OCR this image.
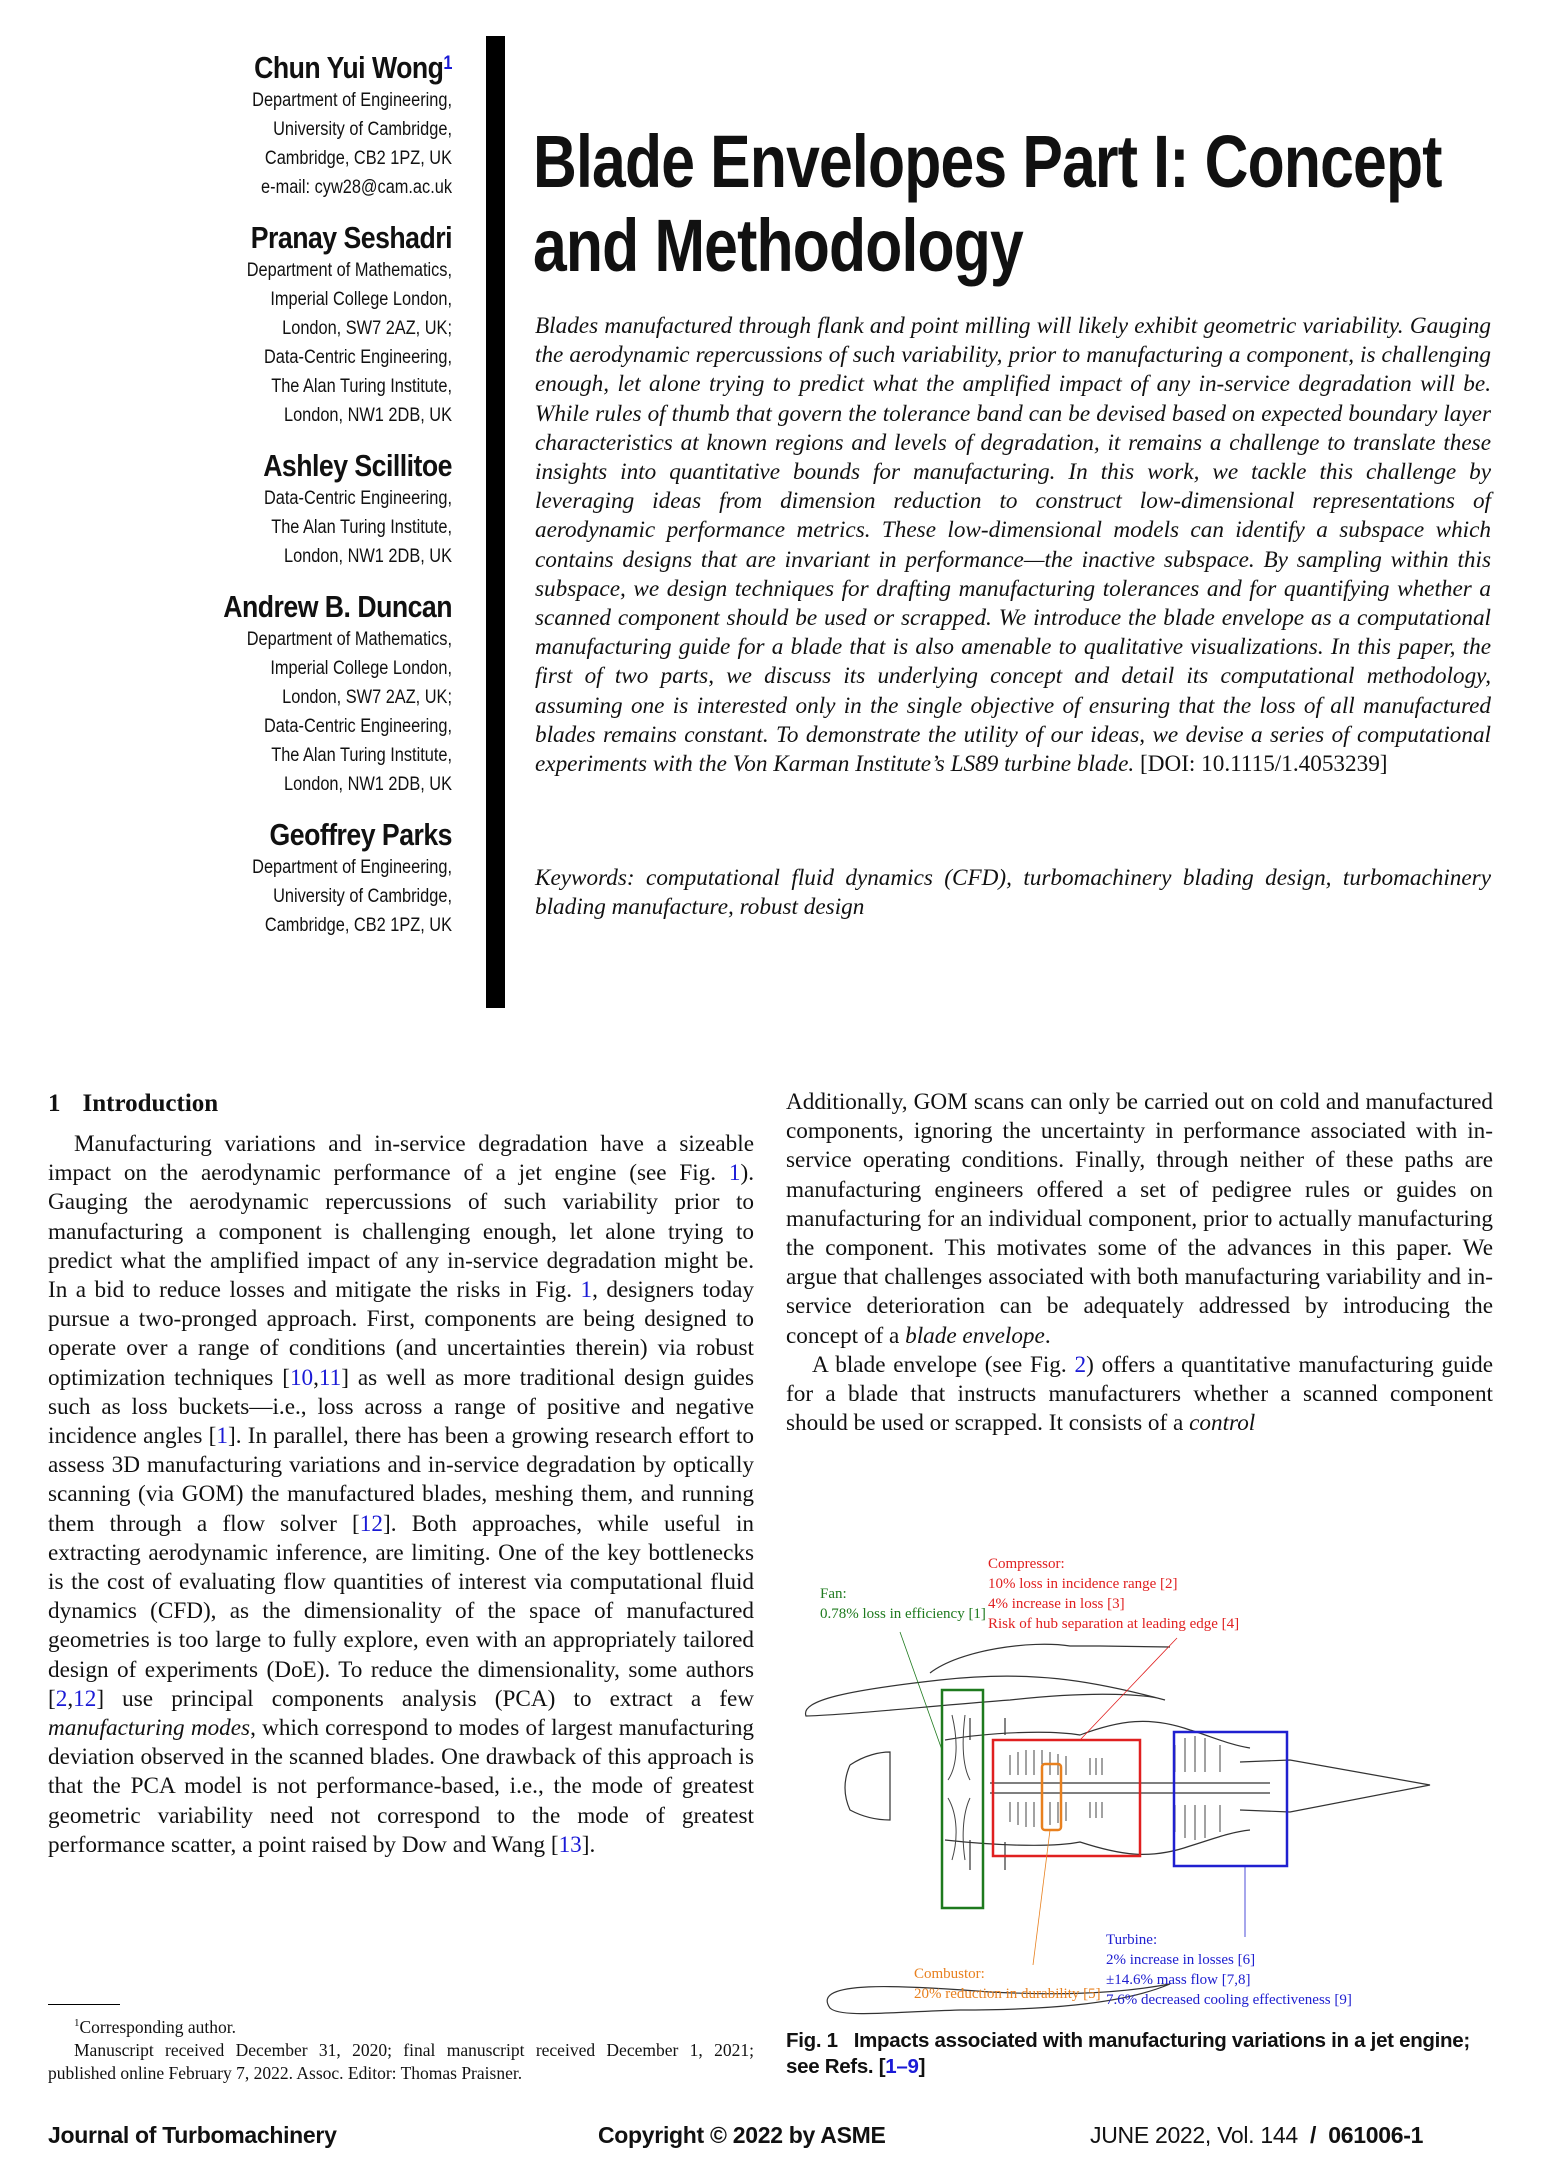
Chun Yui Wong$^1$
Department of Engineering,
University of Cambridge,
Cambridge, CB2 1PZ, UK
e-mail: cyw28@cam.ac.uk
Pranay Seshadri
Department of Mathematics,
Imperial College London,
London, SW7 2AZ, UK;
Data-Centric Engineering,
The Alan Turing Institute,
London, NW1 2DB, UK
Ashley Scillitoe
Data-Centric Engineering,
The Alan Turing Institute,
London, NW1 2DB, UK
Andrew B. Duncan
Department of Mathematics,
Imperial College London,
London, SW7 2AZ, UK;
Data-Centric Engineering,
The Alan Turing Institute,
London, NW1 2DB, UK
Geoffrey Parks
Department of Engineering,
University of Cambridge,
Cambridge, CB2 1PZ, UK
Blade Envelopes Part I: Concept
and Methodology
Blades manufactured through flank and point milling will likely exhibit geometric variability. Gauging the aerodynamic repercussions of such variability, prior to manufacturing a component, is challenging enough, let alone trying to predict what the amplified impact of any in-service degradation will be. While rules of thumb that govern the tolerance band can be devised based on expected boundary layer characteristics at known regions and levels of degradation, it remains a challenge to translate these insights into quantitative bounds for manufacturing. In this work, we tackle this challenge by leveraging ideas from dimension reduction to construct low-dimensional representations of aerodynamic performance metrics. These low-dimensional models can identify a subspace which contains designs that are invariant in performance—the inactive subspace. By sampling within this subspace, we design techniques for drafting manufacturing tolerances and for quantifying whether a scanned component should be used or scrapped. We introduce the blade envelope as a computational manufacturing guide for a blade that is also amenable to qualitative visualizations. In this paper, the first of two parts, we discuss its underlying concept and detail its computational methodology, assuming one is interested only in the single objective of ensuring that the loss of all manufactured blades remains constant. To demonstrate the utility of our ideas, we devise a series of computational experiments with the Von Karman Institute’s LS89 turbine blade. [DOI: 10.1115/1.4053239]
Keywords: computational fluid dynamics (CFD), turbomachinery blading design, turbomachinery blading manufacture, robust design
1 Introduction

Manufacturing variations and in-service degradation have a sizeable impact on the aerodynamic performance of a jet engine (see Fig. 1). Gauging the aerodynamic repercussions of such variability prior to manufacturing a component is challenging enough, let alone trying to predict what the amplified impact of any in-service degradation might be. In a bid to reduce losses and mitigate the risks in Fig. 1, designers today pursue a two-pronged approach. First, components are being designed to operate over a range of conditions (and uncertainties therein) via robust optimization techniques [10,11] as well as more traditional design guides such as loss buckets—i.e., loss across a range of positive and negative incidence angles [1]. In parallel, there has been a growing research effort to assess 3D manufacturing variations and in-service degradation by optically scanning (via GOM) the manufactured blades, meshing them, and running them through a flow solver [12]. Both approaches, while useful in extracting aerodynamic inference, are limiting. One of the key bottlenecks is the cost of evaluating flow quantities of interest via computational fluid dynamics (CFD), as the dimensionality of the space of manufactured geometries is too large to fully explore, even with an appropriately tailored design of experiments (DoE). To reduce the dimensionality, some authors [2,12] use principal components analysis (PCA) to extract a few manufacturing modes, which correspond to modes of largest manufacturing deviation observed in the scanned blades. One drawback of this approach is that the PCA model is not performance-based, i.e., the mode of greatest geometric variability need not correspond to the mode of greatest performance scatter, a point raised by Dow and Wang [13].

Additionally, GOM scans can only be carried out on cold and manufactured components, ignoring the uncertainty in performance associated with in-service operating conditions. Finally, through neither of these paths are manufacturing engineers offered a set of pedigree rules or guides on manufacturing for an individual component, prior to actually manufacturing the component. This motivates some of the advances in this paper. We argue that challenges associated with both manufacturing variability and in-service deterioration can be adequately addressed by introducing the concept of a blade envelope.

A blade envelope (see Fig. 2) offers a quantitative manufacturing guide for a blade that instructs manufacturers whether a scanned component should be used or scrapped. It consists of a control

Fan:
0.78% loss in efficiency [1]
Compressor:
10% loss in incidence range [2]
4% increase in loss [3]
Risk of hub separation at leading edge [4]
Combustor:
20% reduction in durability [5]
Turbine:
2% increase in losses [6]
±14.6% mass flow [7,8]
7.6% decreased cooling effectiveness [9]
Fig. 1 Impacts associated with manufacturing variations in a jet engine; see Refs. [1–9]

$^1$Corresponding author.

Manuscript received December 31, 2020; final manuscript received December 1, 2021; published online February 7, 2022. Assoc. Editor: Thomas Praisner.

Journal of Turbomachinery	Copyright © 2022 by ASME	JUNE 2022, Vol. 144 / 061006-1
